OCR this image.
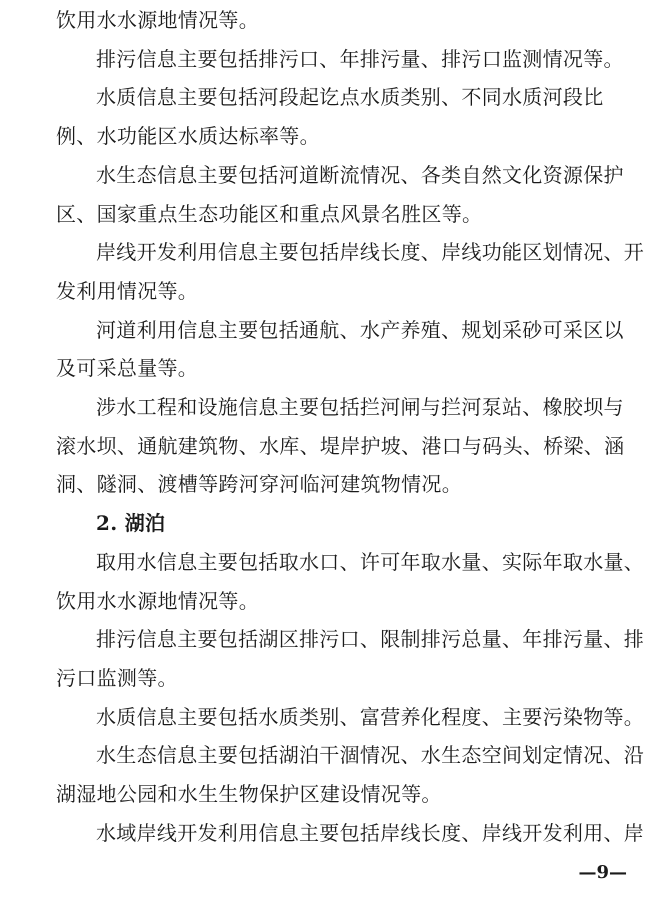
饮用水水源地情况等。
排污信息主要包括排污口、年排污量、排污口监测情况等。
水质信息主要包括河段起讫点水质类别、不同水质河段比
例、水功能区水质达标率等。
水生态信息主要包括河道断流情况、各类自然文化资源保护
区、国家重点生态功能区和重点风景名胜区等。
岸线开发利用信息主要包括岸线长度、岸线功能区划情况、开
发利用情况等。
河道利用信息主要包括通航、水产养殖、规划采砂可采区以
及可采总量等。
涉水工程和设施信息主要包括拦河闸与拦河泵站、橡胶坝与
滚水坝、通航建筑物、水库、堤岸护坡、港口与码头、桥梁、涵
洞、隧洞、渡槽等跨河穿河临河建筑物情况。
2. 湖泊
取用水信息主要包括取水口、许可年取水量、实际年取水量、
饮用水水源地情况等。
排污信息主要包括湖区排污口、限制排污总量、年排污量、排
污口监测等。
水质信息主要包括水质类别、富营养化程度、主要污染物等。
水生态信息主要包括湖泊干涸情况、水生态空间划定情况、沿
湖湿地公园和水生生物保护区建设情况等。
水域岸线开发利用信息主要包括岸线长度、岸线开发利用、岸
—9—
